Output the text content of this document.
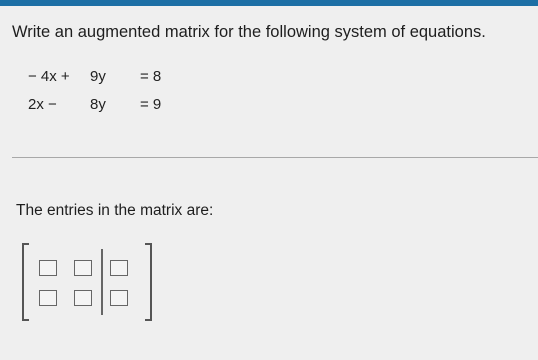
Write an augmented matrix for the following system of equations.
− 4x + 9y = 8
2x − 8y = 9
The entries in the matrix are:
